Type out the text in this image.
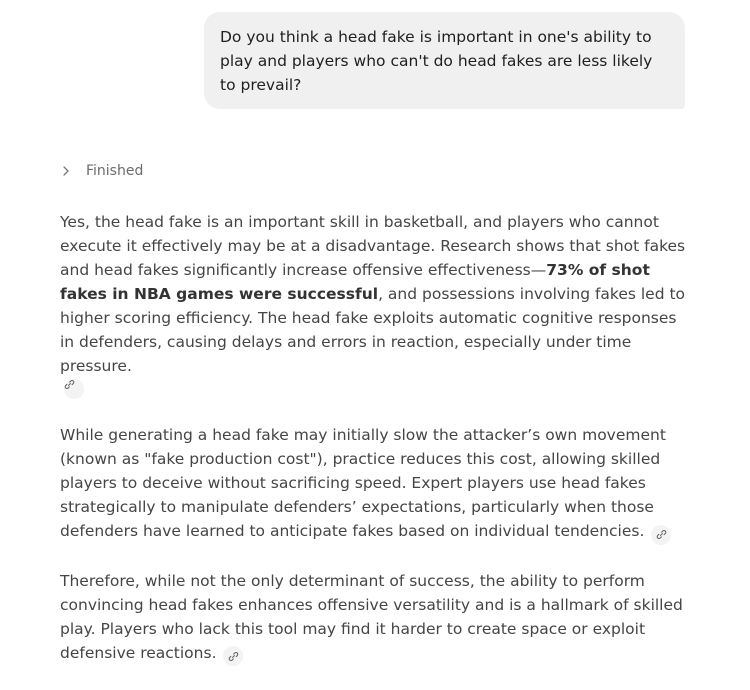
Do you think a head fake is important in one's ability to play and players who can't do head fakes are less likely to prevail?
Finished

Yes, the head fake is an important skill in basketball, and players who cannot execute it effectively may be at a disadvantage. Research shows that shot fakes and head fakes significantly increase offensive effectiveness—73% of shot fakes in NBA games were successful, and possessions involving fakes led to higher scoring efficiency. The head fake exploits automatic cognitive responses in defenders, causing delays and errors in reaction, especially under time pressure.

While generating a head fake may initially slow the attacker’s own movement (known as "fake production cost"), practice reduces this cost, allowing skilled players to deceive without sacrificing speed. Expert players use head fakes strategically to manipulate defenders’ expectations, particularly when those defenders have learned to anticipate fakes based on individual tendencies.

Therefore, while not the only determinant of success, the ability to perform convincing head fakes enhances offensive versatility and is a hallmark of skilled play. Players who lack this tool may find it harder to create space or exploit defensive reactions.
